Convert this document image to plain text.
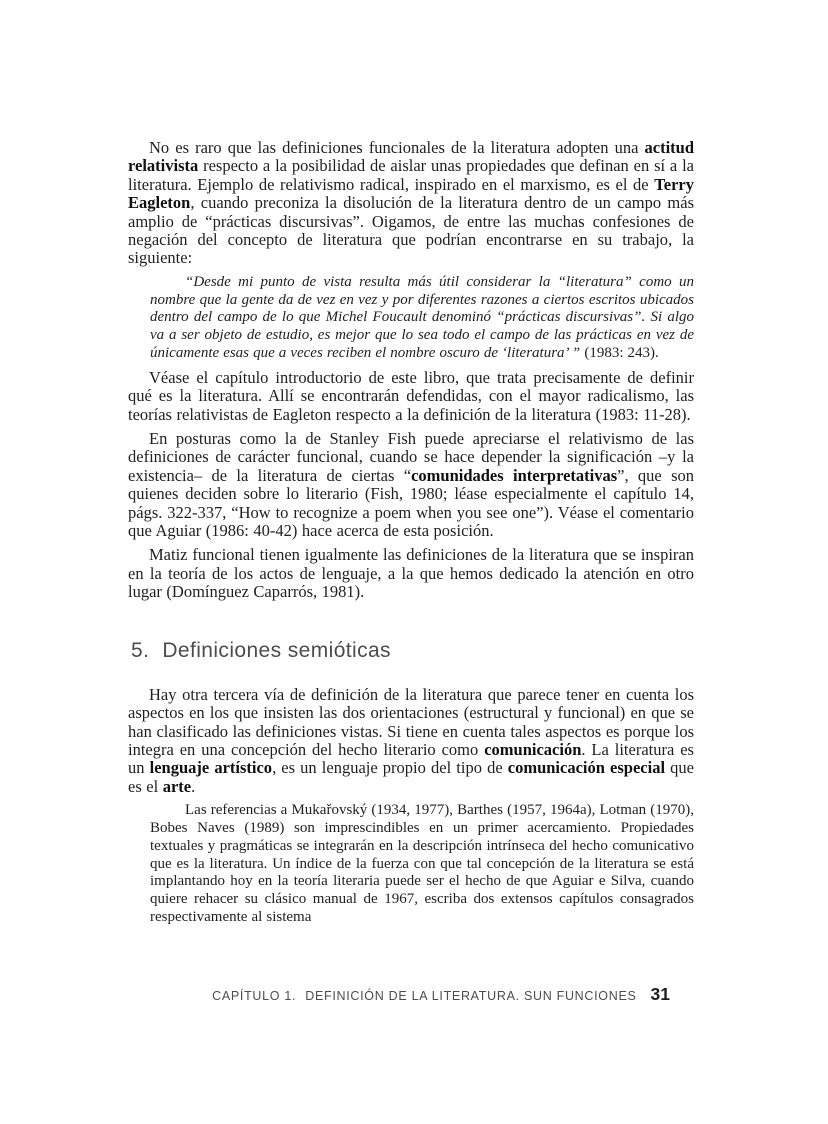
No es raro que las definiciones funcionales de la literatura adopten una actitud relativista respecto a la posibilidad de aislar unas propiedades que definan en sí a la literatura. Ejemplo de relativismo radical, inspirado en el marxismo, es el de Terry Eagleton, cuando preconiza la disolución de la literatura dentro de un campo más amplio de “prácticas discursivas”. Oigamos, de entre las muchas confesiones de negación del concepto de literatura que podrían encontrarse en su trabajo, la siguiente:

“Desde mi punto de vista resulta más útil considerar la “literatura” como un nombre que la gente da de vez en vez y por diferentes razones a ciertos escritos ubicados dentro del campo de lo que Michel Foucault denominó “prácticas discursivas”. Si algo va a ser objeto de estudio, es mejor que lo sea todo el campo de las prácticas en vez de únicamente esas que a veces reciben el nombre oscuro de ‘literatura’ ” (1983: 243).

Véase el capítulo introductorio de este libro, que trata precisamente de definir qué es la literatura. Allí se encontrarán defendidas, con el mayor radicalismo, las teorías relativistas de Eagleton respecto a la definición de la literatura (1983: 11-28).

En posturas como la de Stanley Fish puede apreciarse el relativismo de las definiciones de carácter funcional, cuando se hace depender la significación –y la existencia– de la literatura de ciertas “comunidades interpretativas”, que son quienes deciden sobre lo literario (Fish, 1980; léase especialmente el capítulo 14, págs. 322-337, “How to recognize a poem when you see one”). Véase el comentario que Aguiar (1986: 40-42) hace acerca de esta posición.

Matiz funcional tienen igualmente las definiciones de la literatura que se inspiran en la teoría de los actos de lenguaje, a la que hemos dedicado la atención en otro lugar (Domínguez Caparrós, 1981).

5. Definiciones semióticas

Hay otra tercera vía de definición de la literatura que parece tener en cuenta los aspectos en los que insisten las dos orientaciones (estructural y funcional) en que se han clasificado las definiciones vistas. Si tiene en cuenta tales aspectos es porque los integra en una concepción del hecho literario como comunicación. La literatura es un lenguaje artístico, es un lenguaje propio del tipo de comunicación especial que es el arte.

Las referencias a Mukařovský (1934, 1977), Barthes (1957, 1964a), Lotman (1970), Bobes Naves (1989) son imprescindibles en un primer acercamiento. Propiedades textuales y pragmáticas se integrarán en la descripción intrínseca del hecho comunicativo que es la literatura. Un índice de la fuerza con que tal concepción de la literatura se está implantando hoy en la teoría literaria puede ser el hecho de que Aguiar e Silva, cuando quiere rehacer su clásico manual de 1967, escriba dos extensos capítulos consagrados respectivamente al sistema

CAPÍTULO 1. DEFINICIÓN DE LA LITERATURA. SUN FUNCIONES 31
